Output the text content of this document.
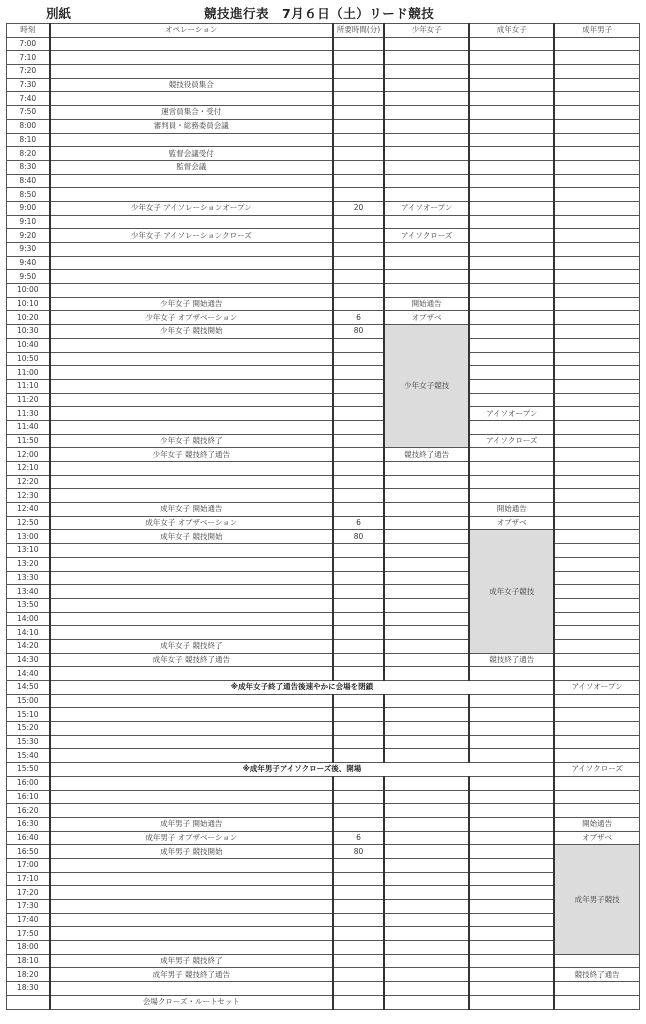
別紙	競技進行表　7月６日（土）リード競技
時刻	オペレーション	所要時間(分)	少年女子	成年女子	成年男子
7:00					
7:10					
7:20					
7:30	競技役員集合				
7:40					
7:50	運営員集合・受付				
8:00	審判員・総務委員会議				
8:10					
8:20	監督会議受付				
8:30	監督会議				
8:40					
8:50					
9:00	少年女子 アイソレーションオープン	20	アイソオープン		
9:10					
9:20	少年女子 アイソレーションクローズ		アイソクローズ		
9:30					
9:40					
9:50					
10:00					
10:10	少年女子 開始通告		開始通告		
10:20	少年女子 オブザベーション	6	オブザベ		
10:30	少年女子 競技開始	80	少年女子競技		
10:40					
10:50					
11:00					
11:10					
11:20					
11:30				アイソオープン	
11:40					
11:50	少年女子 競技終了			アイソクローズ	
12:00	少年女子 競技終了通告		競技終了通告		
12:10					
12:20					
12:30					
12:40	成年女子 開始通告			開始通告	
12:50	成年女子 オブザベーション	6		オブザベ	
13:00	成年女子 競技開始	80		成年女子競技	
13:10					
13:20					
13:30					
13:40					
13:50					
14:00					
14:10					
14:20	成年女子 競技終了				
14:30	成年女子 競技終了通告			競技終了通告	
14:40					
14:50	※成年女子終了通告後速やかに会場を閉鎖				アイソオープン
15:00					
15:10					
15:20					
15:30					
15:40					
15:50	※成年男子アイソクローズ後、開場				アイソクローズ
16:00					
16:10					
16:20					
16:30	成年男子 開始通告				開始通告
16:40	成年男子 オブザベーション	6			オブザベ
16:50	成年男子 競技開始	80			成年男子競技
17:00					
17:10					
17:20					
17:30					
17:40					
17:50					
18:00					
18:10	成年男子 競技終了				
18:20	成年男子 競技終了通告				競技終了通告
18:30					
	会場クローズ・ルートセット				
